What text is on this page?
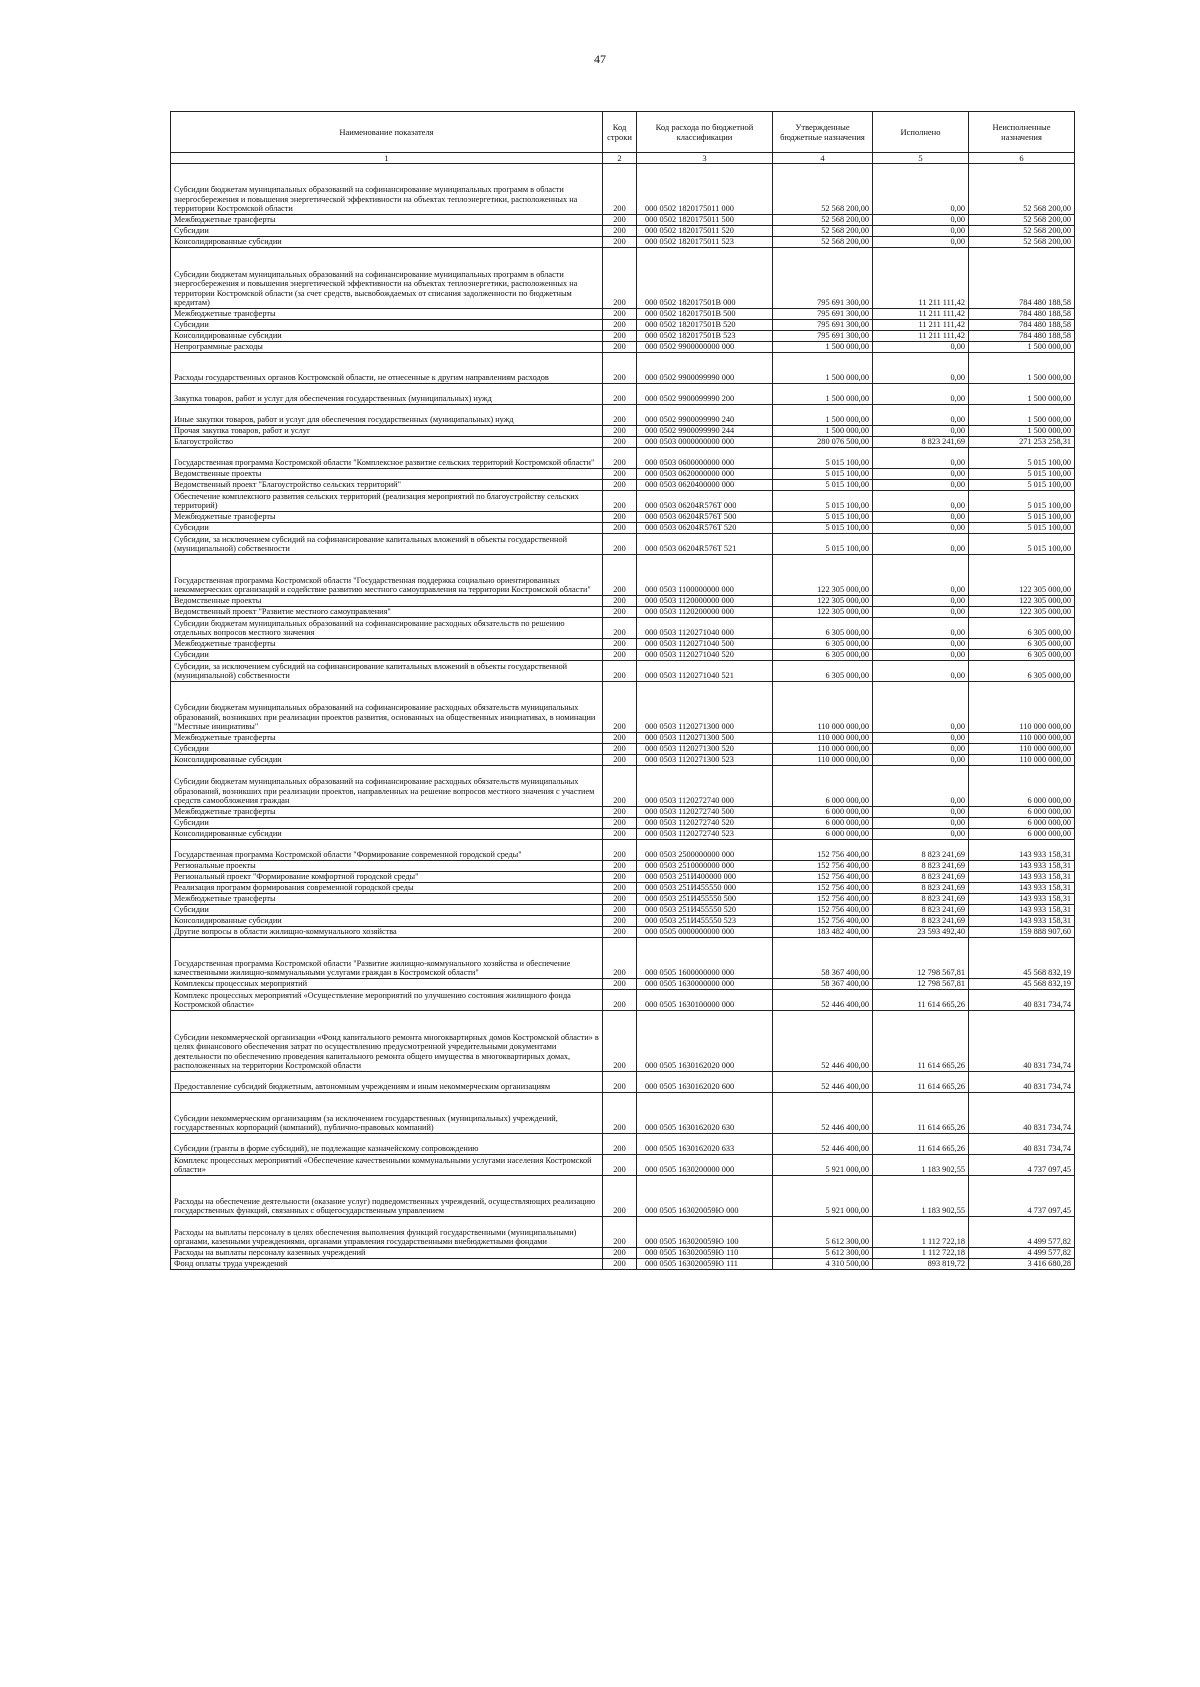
47
Наименование показателя	Код строки	Код расхода по бюджетной классификации	Утвержденные бюджетные назначения	Исполнено	Неисполненные назначения
1	2	3	4	5	6
Субсидии бюджетам муниципальных образований на софинансирование муниципальных программ в области энергосбережения и повышения энергетической эффективности на объектах теплоэнергетики, расположенных на территории Костромской области	200	000 0502 1820175011 000	52 568 200,00	0,00	52 568 200,00
Межбюджетные трансферты	200	000 0502 1820175011 500	52 568 200,00	0,00	52 568 200,00
Субсидии	200	000 0502 1820175011 520	52 568 200,00	0,00	52 568 200,00
Консолидированные субсидии	200	000 0502 1820175011 523	52 568 200,00	0,00	52 568 200,00
Субсидии бюджетам муниципальных образований на софинансирование муниципальных программ в области энергосбережения и повышения энергетической эффективности на объектах теплоэнергетики, расположенных на территории Костромской области (за счет средств, высвобождаемых от списания задолженности по бюджетным кредитам)	200	000 0502 182017501В 000	795 691 300,00	11 211 111,42	784 480 188,58
Межбюджетные трансферты	200	000 0502 182017501В 500	795 691 300,00	11 211 111,42	784 480 188,58
Субсидии	200	000 0502 182017501В 520	795 691 300,00	11 211 111,42	784 480 188,58
Консолидированные субсидии	200	000 0502 182017501В 523	795 691 300,00	11 211 111,42	784 480 188,58
Непрограммные расходы	200	000 0502 9900000000 000	1 500 000,00	0,00	1 500 000,00
Расходы государственных органов Костромской области, не отнесенные к другим направлениям расходов	200	000 0502 9900099990 000	1 500 000,00	0,00	1 500 000,00
Закупка товаров, работ и услуг для обеспечения государственных (муниципальных) нужд	200	000 0502 9900099990 200	1 500 000,00	0,00	1 500 000,00
Иные закупки товаров, работ и услуг для обеспечения государственных (муниципальных) нужд	200	000 0502 9900099990 240	1 500 000,00	0,00	1 500 000,00
Прочая закупка товаров, работ и услуг	200	000 0502 9900099990 244	1 500 000,00	0,00	1 500 000,00
Благоустройство	200	000 0503 0000000000 000	280 076 500,00	8 823 241,69	271 253 258,31
Государственная программа Костромской области "Комплексное развитие сельских территорий Костромской области"	200	000 0503 0600000000 000	5 015 100,00	0,00	5 015 100,00
Ведомственные проекты	200	000 0503 0620000000 000	5 015 100,00	0,00	5 015 100,00
Ведомственный проект "Благоустройство сельских территорий"	200	000 0503 0620400000 000	5 015 100,00	0,00	5 015 100,00
Обеспечение комплексного развития сельских территорий (реализация мероприятий по благоустройству сельских территорий)	200	000 0503 06204R576T 000	5 015 100,00	0,00	5 015 100,00
Межбюджетные трансферты	200	000 0503 06204R576T 500	5 015 100,00	0,00	5 015 100,00
Субсидии	200	000 0503 06204R576T 520	5 015 100,00	0,00	5 015 100,00
Субсидии, за исключением субсидий на софинансирование капитальных вложений в объекты государственной (муниципальной) собственности	200	000 0503 06204R576T 521	5 015 100,00	0,00	5 015 100,00
Государственная программа Костромской области "Государственная поддержка социально ориентированных некоммерческих организаций и содействие развитию местного самоуправления на территории Костромской области"	200	000 0503 1100000000 000	122 305 000,00	0,00	122 305 000,00
Ведомственные проекты	200	000 0503 1120000000 000	122 305 000,00	0,00	122 305 000,00
Ведомственный проект "Развитие местного самоуправления"	200	000 0503 1120200000 000	122 305 000,00	0,00	122 305 000,00
Субсидии бюджетам муниципальных образований на софинансирование расходных обязательств по решению отдельных вопросов местного значения	200	000 0503 1120271040 000	6 305 000,00	0,00	6 305 000,00
Межбюджетные трансферты	200	000 0503 1120271040 500	6 305 000,00	0,00	6 305 000,00
Субсидии	200	000 0503 1120271040 520	6 305 000,00	0,00	6 305 000,00
Субсидии, за исключением субсидий на софинансирование капитальных вложений в объекты государственной (муниципальной) собственности	200	000 0503 1120271040 521	6 305 000,00	0,00	6 305 000,00
Субсидии бюджетам муниципальных образований на софинансирование расходных обязательств муниципальных образований, возникших при реализации проектов развития, основанных на общественных инициативах, в номинации "Местные инициативы"	200	000 0503 1120271300 000	110 000 000,00	0,00	110 000 000,00
Межбюджетные трансферты	200	000 0503 1120271300 500	110 000 000,00	0,00	110 000 000,00
Субсидии	200	000 0503 1120271300 520	110 000 000,00	0,00	110 000 000,00
Консолидированные субсидии	200	000 0503 1120271300 523	110 000 000,00	0,00	110 000 000,00
Субсидии бюджетам муниципальных образований на софинансирование расходных обязательств муниципальных образований, возникших при реализации проектов, направленных на решение вопросов местного значения с участием средств самообложения граждан	200	000 0503 1120272740 000	6 000 000,00	0,00	6 000 000,00
Межбюджетные трансферты	200	000 0503 1120272740 500	6 000 000,00	0,00	6 000 000,00
Субсидии	200	000 0503 1120272740 520	6 000 000,00	0,00	6 000 000,00
Консолидированные субсидии	200	000 0503 1120272740 523	6 000 000,00	0,00	6 000 000,00
Государственная программа Костромской области "Формирование современной городской среды"	200	000 0503 2500000000 000	152 756 400,00	8 823 241,69	143 933 158,31
Региональные проекты	200	000 0503 2510000000 000	152 756 400,00	8 823 241,69	143 933 158,31
Региональный проект "Формирование комфортной городской среды"	200	000 0503 251И400000 000	152 756 400,00	8 823 241,69	143 933 158,31
Реализация программ формирования современной городской среды	200	000 0503 251И455550 000	152 756 400,00	8 823 241,69	143 933 158,31
Межбюджетные трансферты	200	000 0503 251И455550 500	152 756 400,00	8 823 241,69	143 933 158,31
Субсидии	200	000 0503 251И455550 520	152 756 400,00	8 823 241,69	143 933 158,31
Консолидированные субсидии	200	000 0503 251И455550 523	152 756 400,00	8 823 241,69	143 933 158,31
Другие вопросы в области жилищно-коммунального хозяйства	200	000 0505 0000000000 000	183 482 400,00	23 593 492,40	159 888 907,60
Государственная программа Костромской области "Развитие жилищно-коммунального хозяйства и обеспечение качественными жилищно-коммунальными услугами граждан в Костромской области"	200	000 0505 1600000000 000	58 367 400,00	12 798 567,81	45 568 832,19
Комплексы процессных мероприятий	200	000 0505 1630000000 000	58 367 400,00	12 798 567,81	45 568 832,19
Комплекс процессных мероприятий «Осуществление мероприятий по улучшению состояния жилищного фонда Костромской области»	200	000 0505 1630100000 000	52 446 400,00	11 614 665,26	40 831 734,74
Субсидии некоммерческой организации «Фонд капитального ремонта многоквартирных домов Костромской области» в целях финансового обеспечения затрат по осуществлению предусмотренной учредительными документами деятельности по обеспечению проведения капитального ремонта общего имущества в многоквартирных домах, расположенных на территории Костромской области	200	000 0505 1630162020 000	52 446 400,00	11 614 665,26	40 831 734,74
Предоставление субсидий бюджетным, автономным учреждениям и иным некоммерческим организациям	200	000 0505 1630162020 600	52 446 400,00	11 614 665,26	40 831 734,74
Субсидии некоммерческим организациям (за исключением государственных (муниципальных) учреждений, государственных корпораций (компаний), публично-правовых компаний)	200	000 0505 1630162020 630	52 446 400,00	11 614 665,26	40 831 734,74
Субсидии (гранты в форме субсидий), не подлежащие казначейскому сопровождению	200	000 0505 1630162020 633	52 446 400,00	11 614 665,26	40 831 734,74
Комплекс процессных мероприятий «Обеспечение качественными коммунальными услугами населения Костромской области»	200	000 0505 1630200000 000	5 921 000,00	1 183 902,55	4 737 097,45
Расходы на обеспечение деятельности (оказание услуг) подведомственных учреждений, осуществляющих реализацию государственных функций, связанных с общегосударственным управлением	200	000 0505 163020059Ю 000	5 921 000,00	1 183 902,55	4 737 097,45
Расходы на выплаты персоналу в целях обеспечения выполнения функций государственными (муниципальными) органами, казенными учреждениями, органами управления государственными внебюджетными фондами	200	000 0505 163020059Ю 100	5 612 300,00	1 112 722,18	4 499 577,82
Расходы на выплаты персоналу казенных учреждений	200	000 0505 163020059Ю 110	5 612 300,00	1 112 722,18	4 499 577,82
Фонд оплаты труда учреждений	200	000 0505 163020059Ю 111	4 310 500,00	893 819,72	3 416 680,28
